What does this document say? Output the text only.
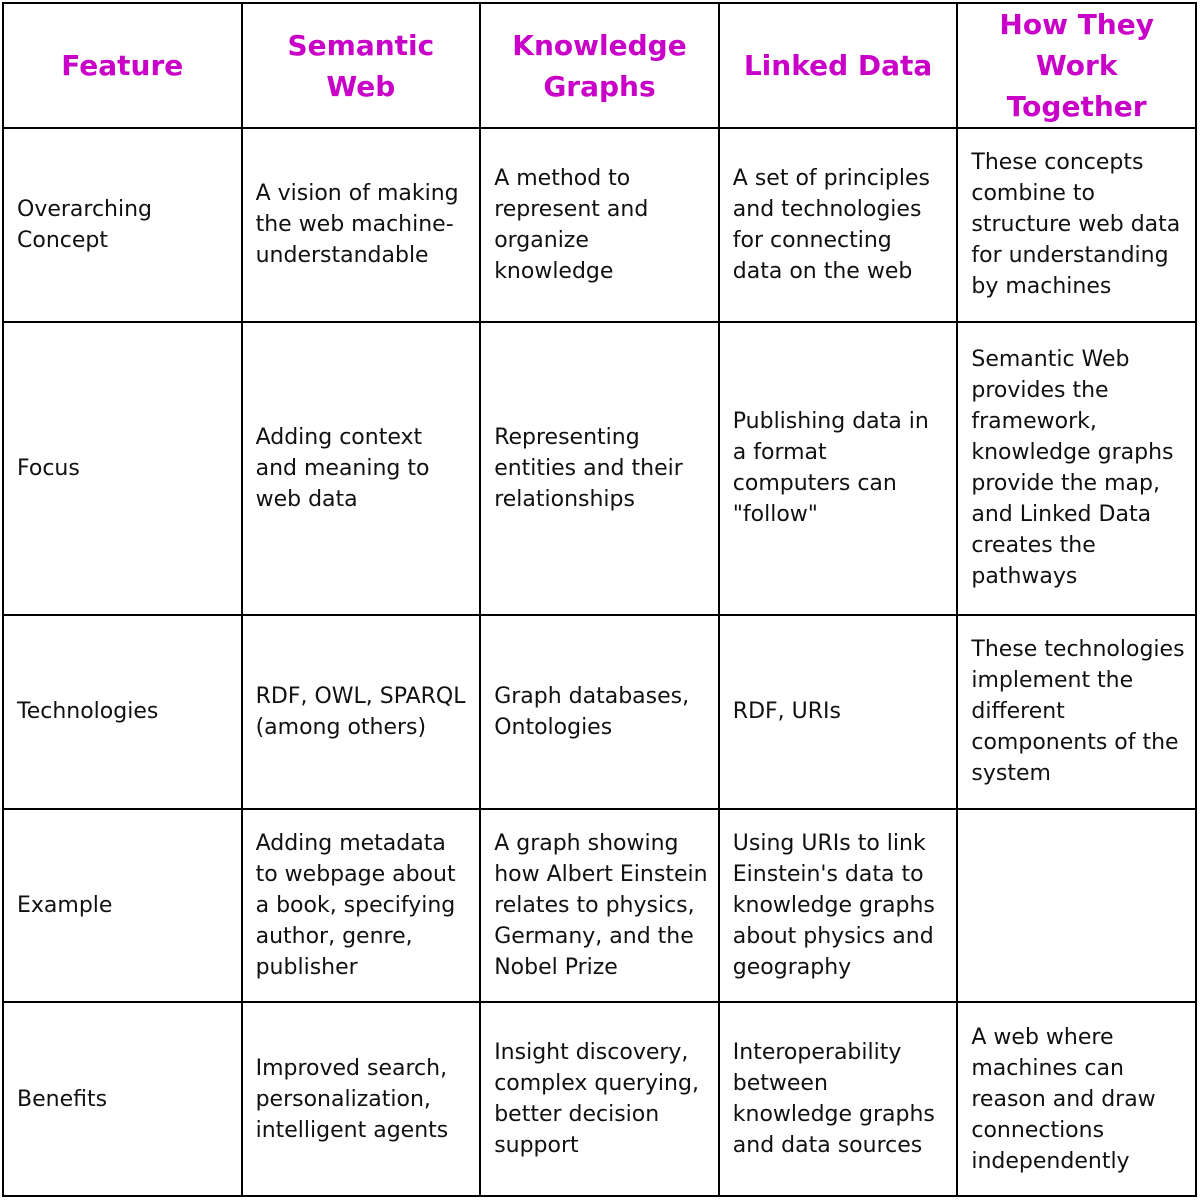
Feature	Semantic Web	Knowledge Graphs	Linked Data	How They Work Together
Overarching Concept	A vision of making the web machine-understandable	A method to represent and organize knowledge	A set of principles and technologies for connecting data on the web	These concepts combine to structure web data for understanding by machines
Focus	Adding context and meaning to web data	Representing entities and their relationships	Publishing data in a format computers can "follow"	Semantic Web provides the framework, knowledge graphs provide the map, and Linked Data creates the pathways
Technologies	RDF, OWL, SPARQL (among others)	Graph databases, Ontologies	RDF, URIs	These technologies implement the different components of the system
Example	Adding metadata to webpage about a book, specifying author, genre, publisher	A graph showing how Albert Einstein relates to physics, Germany, and the Nobel Prize	Using URIs to link Einstein's data to knowledge graphs about physics and geography	
Benefits	Improved search, personalization, intelligent agents	Insight discovery, complex querying, better decision support	Interoperability between knowledge graphs and data sources	A web where machines can reason and draw connections independently
